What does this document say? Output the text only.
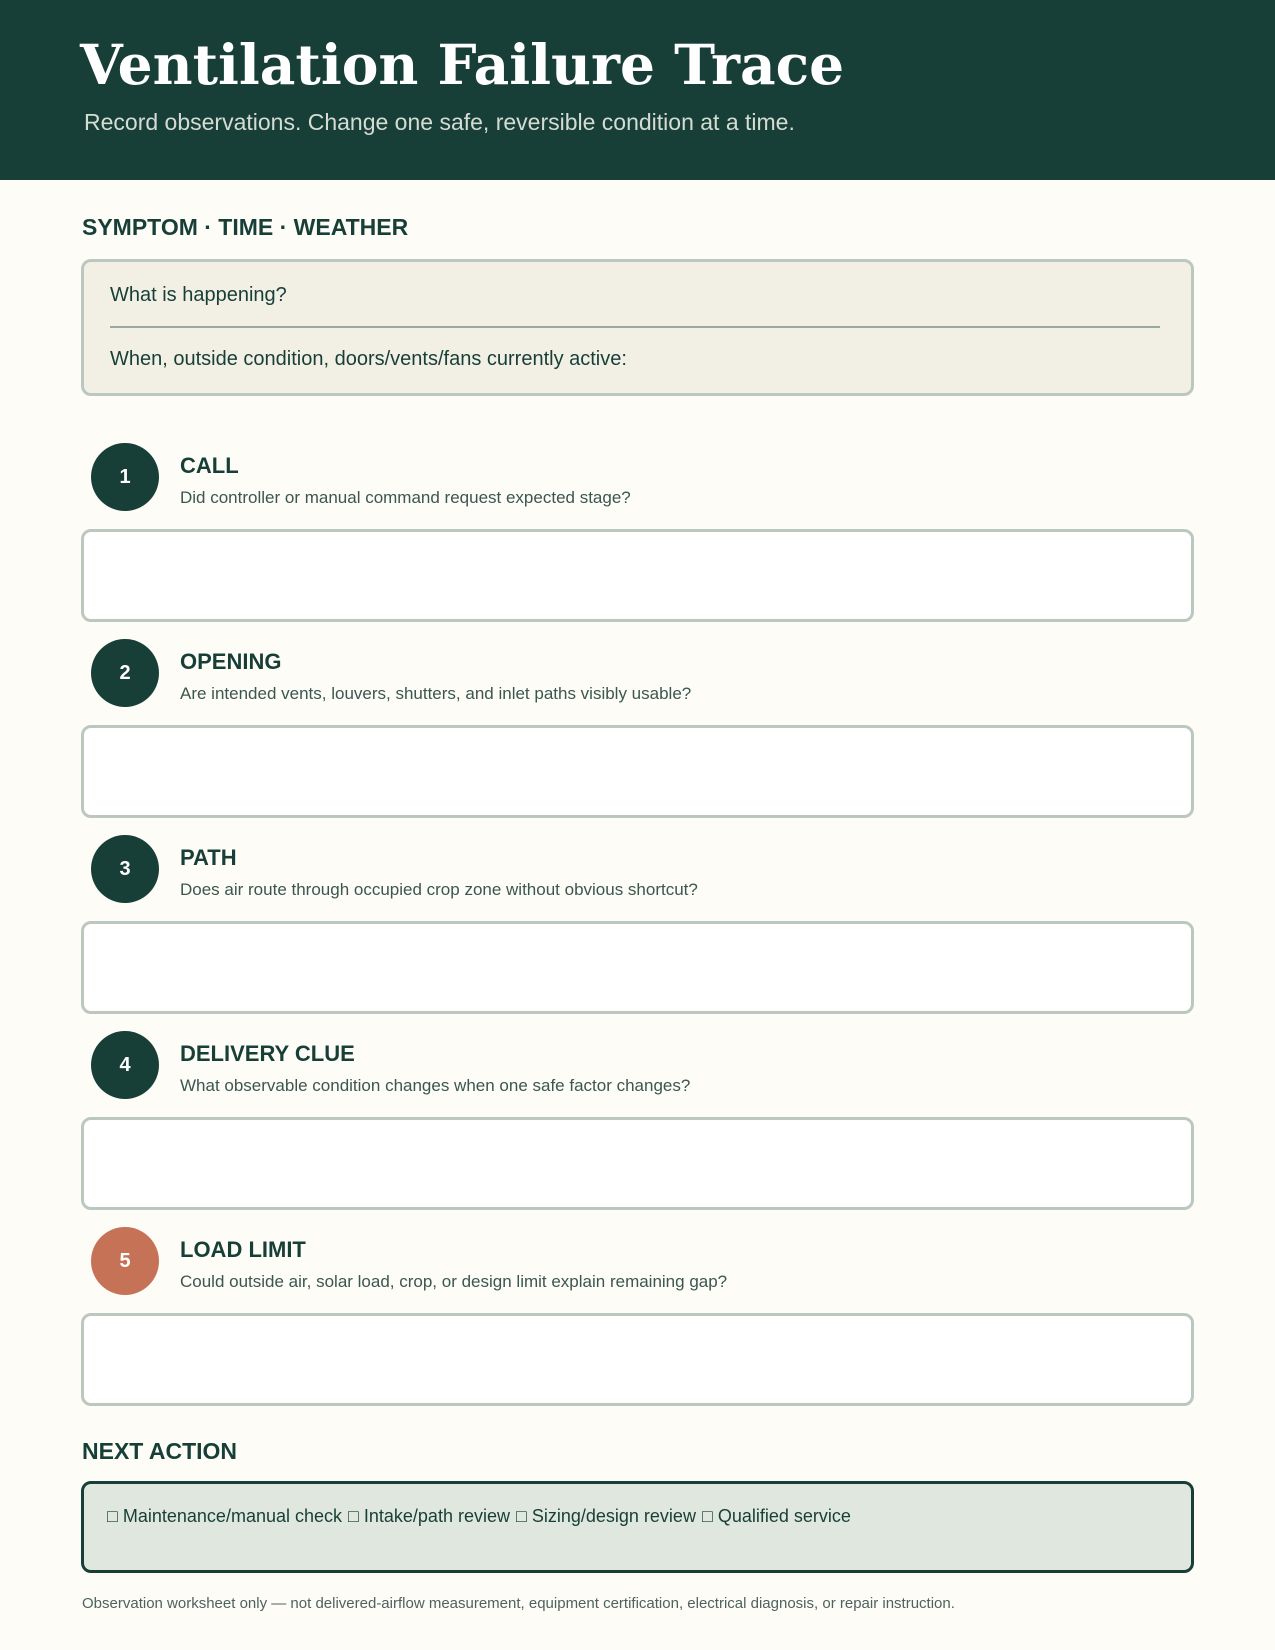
Ventilation Failure Trace
Record observations. Change one safe, reversible condition at a time.
SYMPTOM · TIME · WEATHER
What is happening?
When, outside condition, doors/vents/fans currently active:
1	CALL
Did controller or manual command request expected stage?
2	OPENING
Are intended vents, louvers, shutters, and inlet paths visibly usable?
3	PATH
Does air route through occupied crop zone without obvious shortcut?
4	DELIVERY CLUE
What observable condition changes when one safe factor changes?
5	LOAD LIMIT
Could outside air, solar load, crop, or design limit explain remaining gap?
NEXT ACTION
□ Maintenance/manual check □ Intake/path review □ Sizing/design review □ Qualified service
Observation worksheet only — not delivered-airflow measurement, equipment certification, electrical diagnosis, or repair instruction.
